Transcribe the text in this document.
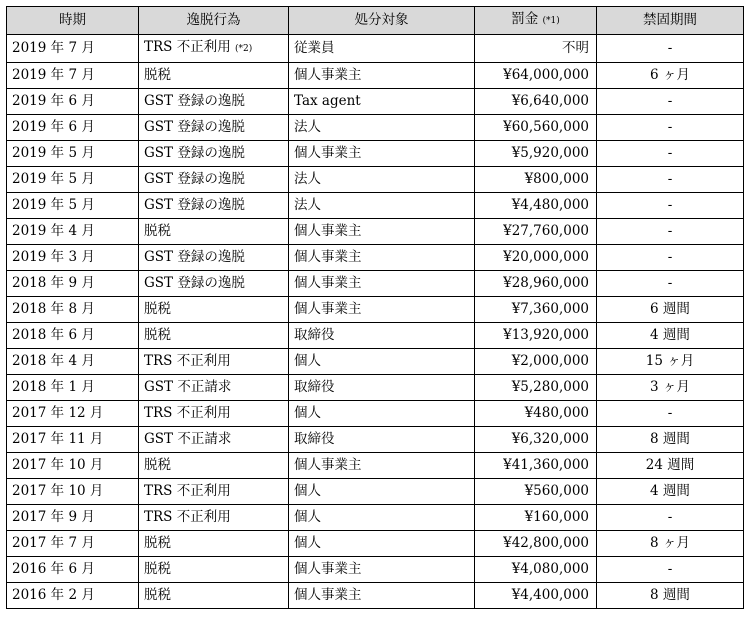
時期	逸脱行為	処分対象	罰金 (*1)	禁固期間
2019 年 7 月	TRS 不正利用 (*2)	従業員	不明	-
2019 年 7 月	脱税	個人事業主	¥64,000,000	6 ヶ月
2019 年 6 月	GST 登録の逸脱	Tax agent	¥6,640,000	-
2019 年 6 月	GST 登録の逸脱	法人	¥60,560,000	-
2019 年 5 月	GST 登録の逸脱	個人事業主	¥5,920,000	-
2019 年 5 月	GST 登録の逸脱	法人	¥800,000	-
2019 年 5 月	GST 登録の逸脱	法人	¥4,480,000	-
2019 年 4 月	脱税	個人事業主	¥27,760,000	-
2019 年 3 月	GST 登録の逸脱	個人事業主	¥20,000,000	-
2018 年 9 月	GST 登録の逸脱	個人事業主	¥28,960,000	-
2018 年 8 月	脱税	個人事業主	¥7,360,000	6 週間
2018 年 6 月	脱税	取締役	¥13,920,000	4 週間
2018 年 4 月	TRS 不正利用	個人	¥2,000,000	15 ヶ月
2018 年 1 月	GST 不正請求	取締役	¥5,280,000	3 ヶ月
2017 年 12 月	TRS 不正利用	個人	¥480,000	-
2017 年 11 月	GST 不正請求	取締役	¥6,320,000	8 週間
2017 年 10 月	脱税	個人事業主	¥41,360,000	24 週間
2017 年 10 月	TRS 不正利用	個人	¥560,000	4 週間
2017 年 9 月	TRS 不正利用	個人	¥160,000	-
2017 年 7 月	脱税	個人	¥42,800,000	8 ヶ月
2016 年 6 月	脱税	個人事業主	¥4,080,000	-
2016 年 2 月	脱税	個人事業主	¥4,400,000	8 週間
